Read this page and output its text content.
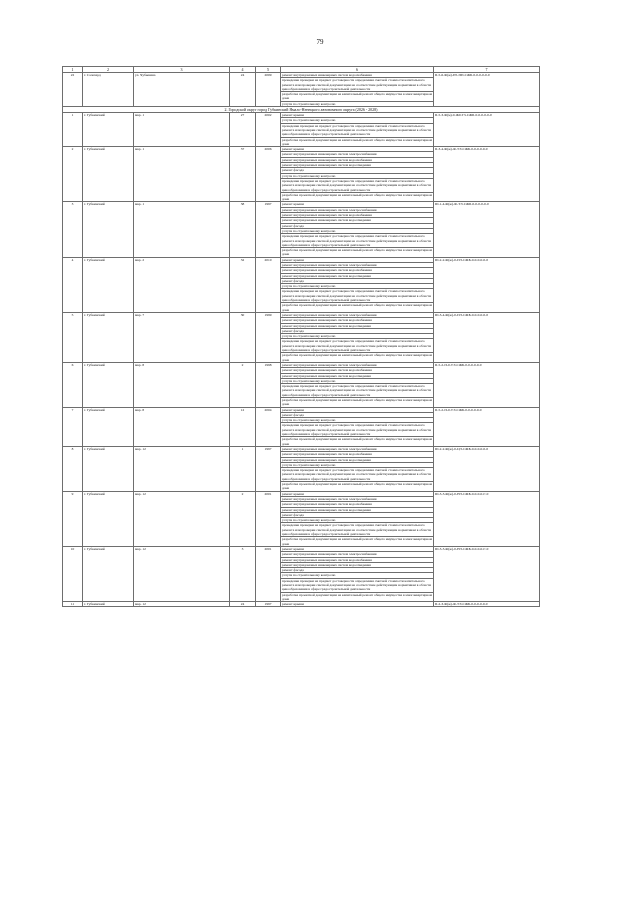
79
1	2	3	4	5	6	7
22	г. Салехард	ул. Чубынина	24	2009	ремонт внутридомовых инженерных систем водоснабжения	II-5-6-Ф(ж)-П5-ПП-СЖБ-0-0-0-0-0-0
					проведение проверки на предмет достоверности определения сметной стоимости капитального ремонта или проверки сметной документации на соответствие действующим нормативам в области ценообразования в сфере градостроительной деятельности	
					разработка проектной документации на капитальный ремонт общего имущества в многоквартирном доме	
					услуги по строительному контролю	
2. Городской округ город Губкинский Ямало-Ненецкого автономного округа (2026 - 2028)						
1	г. Губкинский	мкр. 1	27	2002	ремонт крыши	II-5-3-Ф(м)-0-Ж0-Т3-СЖБ-0-0-0-0-0-0
					услуги по строительному контролю	
					проведение проверки на предмет достоверности определения сметной стоимости капитального ремонта или проверки сметной документации на соответствие действующим нормативам в области ценообразования в сфере градостроительной деятельности	
					разработка проектной документации на капитальный ремонт общего имущества в многоквартирном доме	
2	г. Губкинский	мкр. 1	37	2006	ремонт крыши	II-3-4-Ф(ж)-Ф-ТЭ-СЖБ-0-0-0-0-0-0
					ремонт внутридомовых инженерных систем электроснабжения	
					ремонт внутридомовых инженерных систем водоснабжения	
					ремонт внутридомовых инженерных систем водоотведения	
					ремонт фасада	
					услуги по строительному контролю	
					проведение проверки на предмет достоверности определения сметной стоимости капитального ремонта или проверки сметной документации на соответствие действующим нормативам в области ценообразования в сфере градостроительной деятельности	
					разработка проектной документации на капитальный ремонт общего имущества в многоквартирном доме	
3	г. Губкинский	мкр. 1	38	1997	ремонт крыши	III-1-4-Ф(ж)-Ф-ТЭ-СЖБ-0-0-0-0-0-0
					ремонт внутридомовых инженерных систем электроснабжения	
					ремонт внутридомовых инженерных систем водоснабжения	
					ремонт внутридомовых инженерных систем водоотведения	
					ремонт фасада	
					услуги по строительному контролю	
					проведение проверки на предмет достоверности определения сметной стоимости капитального ремонта или проверки сметной документации на соответствие действующим нормативам в области ценообразования в сфере градостроительной деятельности	
					разработка проектной документации на капитальный ремонт общего имущества в многоквартирном доме	
4	г. Губкинский	мкр. 2	32	2010	ремонт крыши	III-2-2-Ф(ж)-0-ПЭ-СЖБ-0-0-0-0-0-0
					ремонт внутридомовых инженерных систем электроснабжения	
					ремонт внутридомовых инженерных систем водоснабжения	
					ремонт внутридомовых инженерных систем водоотведения	
					ремонт фасада	
					услуги по строительному контролю	
					проведение проверки на предмет достоверности определения сметной стоимости капитального ремонта или проверки сметной документации на соответствие действующим нормативам в области ценообразования в сфере градостроительной деятельности	
					разработка проектной документации на капитальный ремонт общего имущества в многоквартирном доме	
5	г. Губкинский	мкр. 7	30	1999	ремонт внутридомовых инженерных систем электроснабжения	III-3-4-Ф(ж)-0-ПЭ-СЖБ-0-0-0-0-0-0
					ремонт внутридомовых инженерных систем водоснабжения	
					ремонт внутридомовых инженерных систем водоотведения	
					ремонт фасада	
					услуги по строительному контролю	
					проведение проверки на предмет достоверности определения сметной стоимости капитального ремонта или проверки сметной документации на соответствие действующим нормативам в области ценообразования в сфере градостроительной деятельности	
					разработка проектной документации на капитальный ремонт общего имущества в многоквартирном доме	
6	г. Губкинский	мкр. 8	2	1998	ремонт внутридомовых инженерных систем электроснабжения	II-5-2-П-0-ТЭ-СЖБ-0-0-0-0-0-0
					ремонт внутридомовых инженерных систем водоснабжения	
					ремонт внутридомовых инженерных систем водоотведения	
					услуги по строительному контролю	
					проведение проверки на предмет достоверности определения сметной стоимости капитального ремонта или проверки сметной документации на соответствие действующим нормативам в области ценообразования в сфере градостроительной деятельности	
					разработка проектной документации на капитальный ремонт общего имущества в многоквартирном доме	
7	г. Губкинский	мкр. 8	12	2004	ремонт крыши	II-5-2-П-0-ТЭ-СЖБ-0-0-0-0-0-0
					ремонт фасада	
					услуги по строительному контролю	
					проведение проверки на предмет достоверности определения сметной стоимости капитального ремонта или проверки сметной документации на соответствие действующим нормативам в области ценообразования в сфере градостроительной деятельности	
					разработка проектной документации на капитальный ремонт общего имущества в многоквартирном доме	
8	г. Губкинский	мкр. 12	1	1997	ремонт внутридомовых инженерных систем электроснабжения	III-2-2-Ф(ж)-0-ЦЭ-СЖБ-0-0-0-0-0-0
					ремонт внутридомовых инженерных систем водоснабжения	
					ремонт внутридомовых инженерных систем водоотведения	
					услуги по строительному контролю	
					проведение проверки на предмет достоверности определения сметной стоимости капитального ремонта или проверки сметной документации на соответствие действующим нормативам в области ценообразования в сфере градостроительной деятельности	
					разработка проектной документации на капитальный ремонт общего имущества в многоквартирном доме	
9	г. Губкинский	мкр. 12	2	2001	ремонт крыши	III-3-3-Ф(ж)-0-НЭ-СЖБ-0-0-0-0-Г-0
					ремонт внутридомовых инженерных систем электроснабжения	
					ремонт внутридомовых инженерных систем водоснабжения	
					ремонт внутридомовых инженерных систем водоотведения	
					ремонт фасада	
					услуги по строительному контролю	
					проведение проверки на предмет достоверности определения сметной стоимости капитального ремонта или проверки сметной документации на соответствие действующим нормативам в области ценообразования в сфере градостроительной деятельности	
					разработка проектной документации на капитальный ремонт общего имущества в многоквартирном доме	
10	г. Губкинский	мкр. 12	3	2001	ремонт крыши	III-3-3-Ф(ж)-0-НЭ-СЖБ-0-0-0-0-Г-0
					ремонт внутридомовых инженерных систем электроснабжения	
					ремонт внутридомовых инженерных систем водоснабжения	
					ремонт внутридомовых инженерных систем водоотведения	
					ремонт фасада	
					услуги по строительному контролю	
					проведение проверки на предмет достоверности определения сметной стоимости капитального ремонта или проверки сметной документации на соответствие действующим нормативам в области ценообразования в сфере градостроительной деятельности	
					разработка проектной документации на капитальный ремонт общего имущества в многоквартирном доме	
11	г. Губкинский	мкр. 12	24	1997	ремонт крыши	II-2-3-Ф(ж)-Ф-ТЭ-СЖБ-0-0-0-0-0-0
